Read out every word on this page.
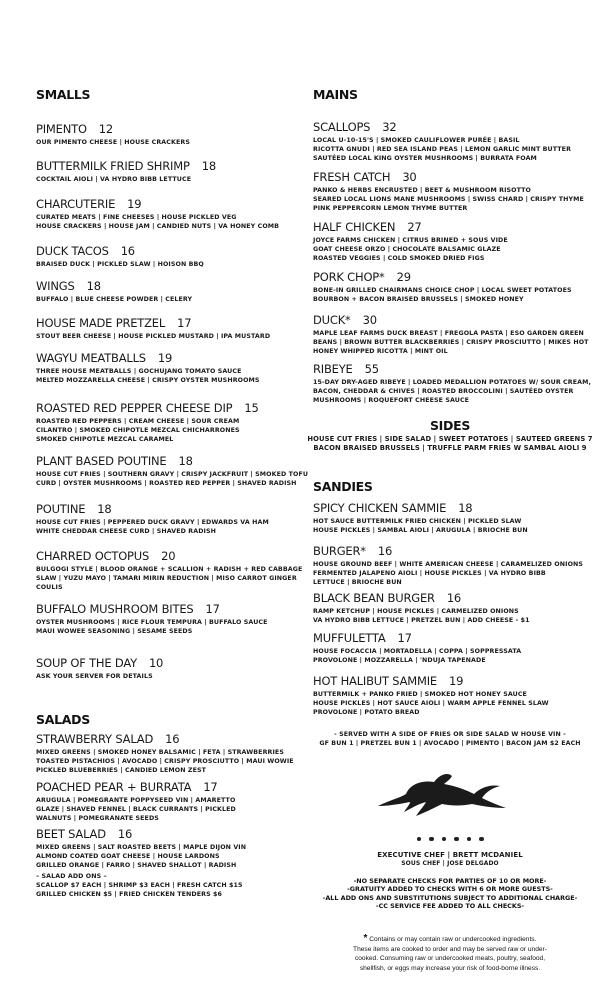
SMALLS
PIMENTO 12
OUR PIMENTO CHEESE | HOUSE CRACKERS
BUTTERMILK FRIED SHRIMP 18
COCKTAIL AIOLI | VA HYDRO BIBB LETTUCE
CHARCUTERIE 19
CURATED MEATS | FINE CHEESES | HOUSE PICKLED VEG
HOUSE CRACKERS | HOUSE JAM | CANDIED NUTS | VA HONEY COMB
DUCK TACOS 16
BRAISED DUCK | PICKLED SLAW | HOISON BBQ
WINGS 18
BUFFALO | BLUE CHEESE POWDER | CELERY
HOUSE MADE PRETZEL 17
STOUT BEER CHEESE | HOUSE PICKLED MUSTARD | IPA MUSTARD
WAGYU MEATBALLS 19
THREE HOUSE MEATBALLS | GOCHUJANG TOMATO SAUCE
MELTED MOZZARELLA CHEESE | CRISPY OYSTER MUSHROOMS
ROASTED RED PEPPER CHEESE DIP 15
ROASTED RED PEPPERS | CREAM CHEESE | SOUR CREAM
CILANTRO | SMOKED CHIPOTLE MEZCAL CHICHARRONES
SMOKED CHIPOTLE MEZCAL CARAMEL
PLANT BASED POUTINE 18
HOUSE CUT FRIES | SOUTHERN GRAVY | CRISPY JACKFRUIT | SMOKED TOFU
CURD | OYSTER MUSHROOMS | ROASTED RED PEPPER | SHAVED RADISH
POUTINE 18
HOUSE CUT FRIES | PEPPERED DUCK GRAVY | EDWARDS VA HAM
WHITE CHEDDAR CHEESE CURD | SHAVED RADISH
CHARRED OCTOPUS 20
BULGOGI STYLE | BLOOD ORANGE + SCALLION + RADISH + RED CABBAGE
SLAW | YUZU MAYO | TAMARI MIRIN REDUCTION | MISO CARROT GINGER
COULIS
BUFFALO MUSHROOM BITES 17
OYSTER MUSHROOMS | RICE FLOUR TEMPURA | BUFFALO SAUCE
MAUI WOWEE SEASONING | SESAME SEEDS
SOUP OF THE DAY 10
ASK YOUR SERVER FOR DETAILS
SALADS
STRAWBERRY SALAD 16
MIXED GREENS | SMOKED HONEY BALSAMIC | FETA | STRAWBERRIES
TOASTED PISTACHIOS | AVOCADO | CRISPY PROSCIUTTO | MAUI WOWIE
PICKLED BLUEBERRIES | CANDIED LEMON ZEST
POACHED PEAR + BURRATA 17
ARUGULA | POMEGRANTE POPPYSEED VIN | AMARETTO
GLAZE | SHAVED FENNEL | BLACK CURRANTS | PICKLED
WALNUTS | POMEGRANATE SEEDS
BEET SALAD 16
MIXED GREENS | SALT ROASTED BEETS | MAPLE DIJON VIN
ALMOND COATED GOAT CHEESE | HOUSE LARDONS
GRILLED ORANGE | FARRO | SHAVED SHALLOT | RADISH
MAINS
SCALLOPS 32
LOCAL U-10-15'S | SMOKED CAULIFLOWER PURÉE | BASIL
RICOTTA GNUDI | RED SEA ISLAND PEAS | LEMON GARLIC MINT BUTTER
SAUTÉED LOCAL KING OYSTER MUSHROOMS | BURRATA FOAM
FRESH CATCH 30
PANKO & HERBS ENCRUSTED | BEET & MUSHROOM RISOTTO
SEARED LOCAL LIONS MANE MUSHROOMS | SWISS CHARD | CRISPY THYME
PINK PEPPERCORN LEMON THYME BUTTER
HALF CHICKEN 27
JOYCE FARMS CHICKEN | CITRUS BRINED + SOUS VIDE
GOAT CHEESE ORZO | CHOCOLATE BALSAMIC GLAZE
ROASTED VEGGIES | COLD SMOKED DRIED FIGS
PORK CHOP* 29
BONE-IN GRILLED CHAIRMANS CHOICE CHOP | LOCAL SWEET POTATOES
BOURBON + BACON BRAISED BRUSSELS | SMOKED HONEY
DUCK* 30
MAPLE LEAF FARMS DUCK BREAST | FREGOLA PASTA | ESO GARDEN GREEN
BEANS | BROWN BUTTER BLACKBERRIES | CRISPY PROSCIUTTO | MIKES HOT
HONEY WHIPPED RICOTTA | MINT OIL
RIBEYE 55
15-DAY DRY-AGED RIBEYE | LOADED MEDALLION POTATOES W/ SOUR CREAM,
BACON, CHEDDAR & CHIVES | ROASTED BROCCOLINI | SAUTÉED OYSTER
MUSHROOMS | ROQUEFORT CHEESE SAUCE
SANDIES
SPICY CHICKEN SAMMIE 18
HOT SAUCE BUTTERMILK FRIED CHICKEN | PICKLED SLAW
HOUSE PICKLES | SAMBAL AIOLI | ARUGULA | BRIOCHE BUN
BURGER* 16
HOUSE GROUND BEEF | WHITE AMERICAN CHEESE | CARAMELIZED ONIONS
FERMENTED JALAPENO AIOLI | HOUSE PICKLES | VA HYDRO BIBB
LETTUCE | BRIOCHE BUN
BLACK BEAN BURGER 16
RAMP KETCHUP | HOUSE PICKLES | CARMELIZED ONIONS
VA HYDRO BIBB LETTUCE | PRETZEL BUN | ADD CHEESE - $1
MUFFULETTA 17
HOUSE FOCACCIA | MORTADELLA | COPPA | SOPPRESSATA
PROVOLONE | MOZZARELLA | 'NDUJA TAPENADE
HOT HALIBUT SAMMIE 19
BUTTERMILK + PANKO FRIED | SMOKED HOT HONEY SAUCE
HOUSE PICKLES | HOT SAUCE AIOLI | WARM APPLE FENNEL SLAW
PROVOLONE | POTATO BREAD
– SALAD ADD ONS –
SCALLOP $7 EACH | SHRIMP $3 EACH | FRESH CATCH $15
GRILLED CHICKEN $5 | FRIED CHICKEN TENDERS $6
SIDES
HOUSE CUT FRIES | SIDE SALAD | SWEET POTATOES | SAUTEED GREENS 7
BACON BRAISED BRUSSELS | TRUFFLE PARM FRIES W SAMBAL AIOLI 9
- SERVED WITH A SIDE OF FRIES OR SIDE SALAD W HOUSE VIN -
GF BUN 1 | PRETZEL BUN 1 | AVOCADO | PIMENTO | BACON JAM $2 EACH
EXECUTIVE CHEF | BRETT MCDANIEL
SOUS CHEF | JOSE DELGADO
-NO SEPARATE CHECKS FOR PARTIES OF 10 OR MORE-
-GRATUITY ADDED TO CHECKS WITH 6 OR MORE GUESTS-
-ALL ADD ONS AND SUBSTITUTIONS SUBJECT TO ADDITIONAL CHARGE-
-CC SERVICE FEE ADDED TO ALL CHECKS-
* Contains or may contain raw or undercooked ingredients.
These items are cooked to order and may be served raw or under-
cooked. Consuming raw or undercooked meats, poultry, seafood,
shellfish, or eggs may increase your risk of food-borne illness.
